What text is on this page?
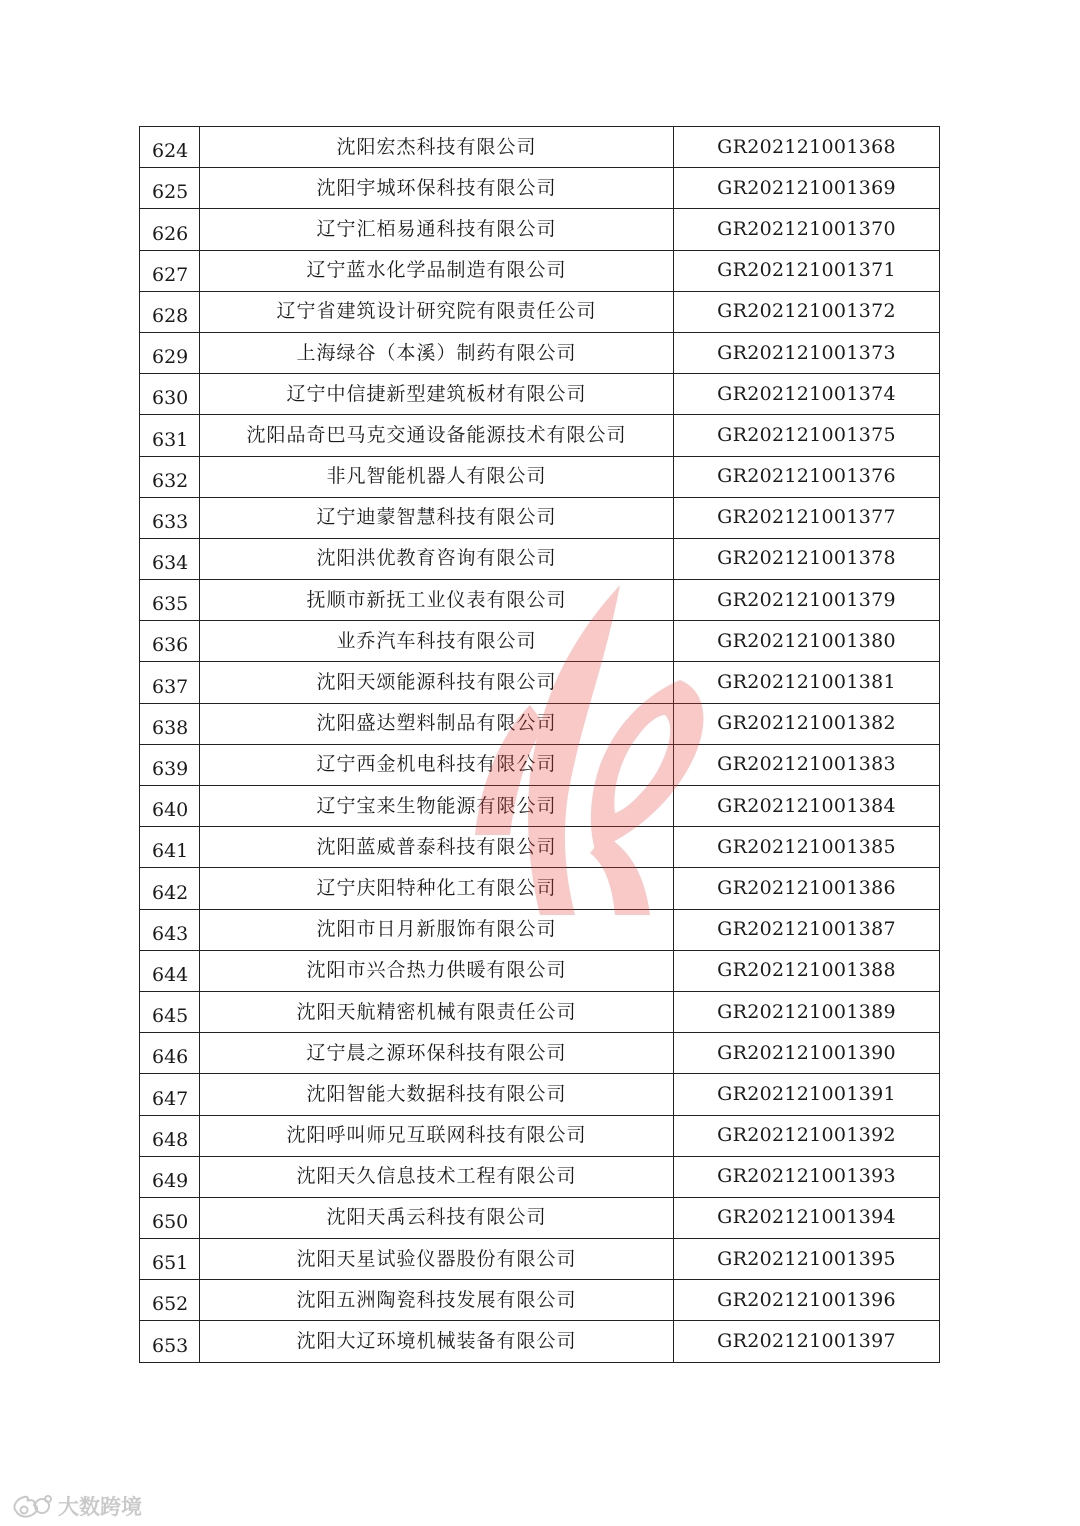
624	沈阳宏杰科技有限公司	GR202121001368
625	沈阳宇城环保科技有限公司	GR202121001369
626	辽宁汇栢易通科技有限公司	GR202121001370
627	辽宁蓝水化学品制造有限公司	GR202121001371
628	辽宁省建筑设计研究院有限责任公司	GR202121001372
629	上海绿谷（本溪）制药有限公司	GR202121001373
630	辽宁中信捷新型建筑板材有限公司	GR202121001374
631	沈阳品奇巴马克交通设备能源技术有限公司	GR202121001375
632	非凡智能机器人有限公司	GR202121001376
633	辽宁迪蒙智慧科技有限公司	GR202121001377
634	沈阳洪优教育咨询有限公司	GR202121001378
635	抚顺市新抚工业仪表有限公司	GR202121001379
636	业乔汽车科技有限公司	GR202121001380
637	沈阳天颂能源科技有限公司	GR202121001381
638	沈阳盛达塑料制品有限公司	GR202121001382
639	辽宁西金机电科技有限公司	GR202121001383
640	辽宁宝来生物能源有限公司	GR202121001384
641	沈阳蓝威普泰科技有限公司	GR202121001385
642	辽宁庆阳特种化工有限公司	GR202121001386
643	沈阳市日月新服饰有限公司	GR202121001387
644	沈阳市兴合热力供暖有限公司	GR202121001388
645	沈阳天航精密机械有限责任公司	GR202121001389
646	辽宁晨之源环保科技有限公司	GR202121001390
647	沈阳智能大数据科技有限公司	GR202121001391
648	沈阳呼叫师兄互联网科技有限公司	GR202121001392
649	沈阳天久信息技术工程有限公司	GR202121001393
650	沈阳天禹云科技有限公司	GR202121001394
651	沈阳天星试验仪器股份有限公司	GR202121001395
652	沈阳五洲陶瓷科技发展有限公司	GR202121001396
653	沈阳大辽环境机械装备有限公司	GR202121001397
大数跨境
